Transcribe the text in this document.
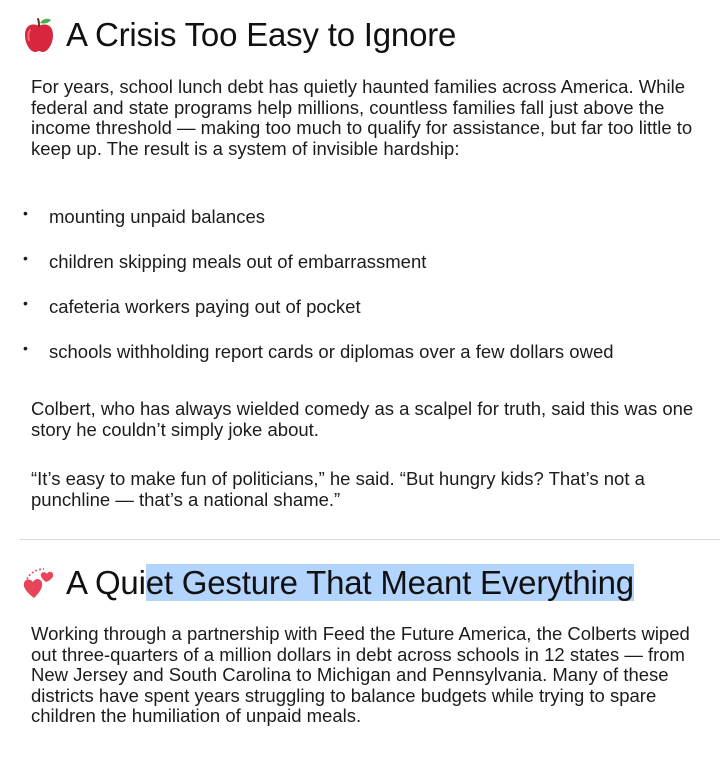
A Crisis Too Easy to Ignore

For years, school lunch debt has quietly haunted families across America. While federal and state programs help millions, countless families fall just above the income threshold — making too much to qualify for assistance, but far too little to keep up. The result is a system of invisible hardship:

• mounting unpaid balances
• children skipping meals out of embarrassment
• cafeteria workers paying out of pocket
• schools withholding report cards or diplomas over a few dollars owed

Colbert, who has always wielded comedy as a scalpel for truth, said this was one story he couldn’t simply joke about.

“It’s easy to make fun of politicians,” he said. “But hungry kids? That’s not a punchline — that’s a national shame.”

A Quiet Gesture That Meant Everything

Working through a partnership with Feed the Future America, the Colberts wiped out three-quarters of a million dollars in debt across schools in 12 states — from New Jersey and South Carolina to Michigan and Pennsylvania. Many of these districts have spent years struggling to balance budgets while trying to spare children the humiliation of unpaid meals.
